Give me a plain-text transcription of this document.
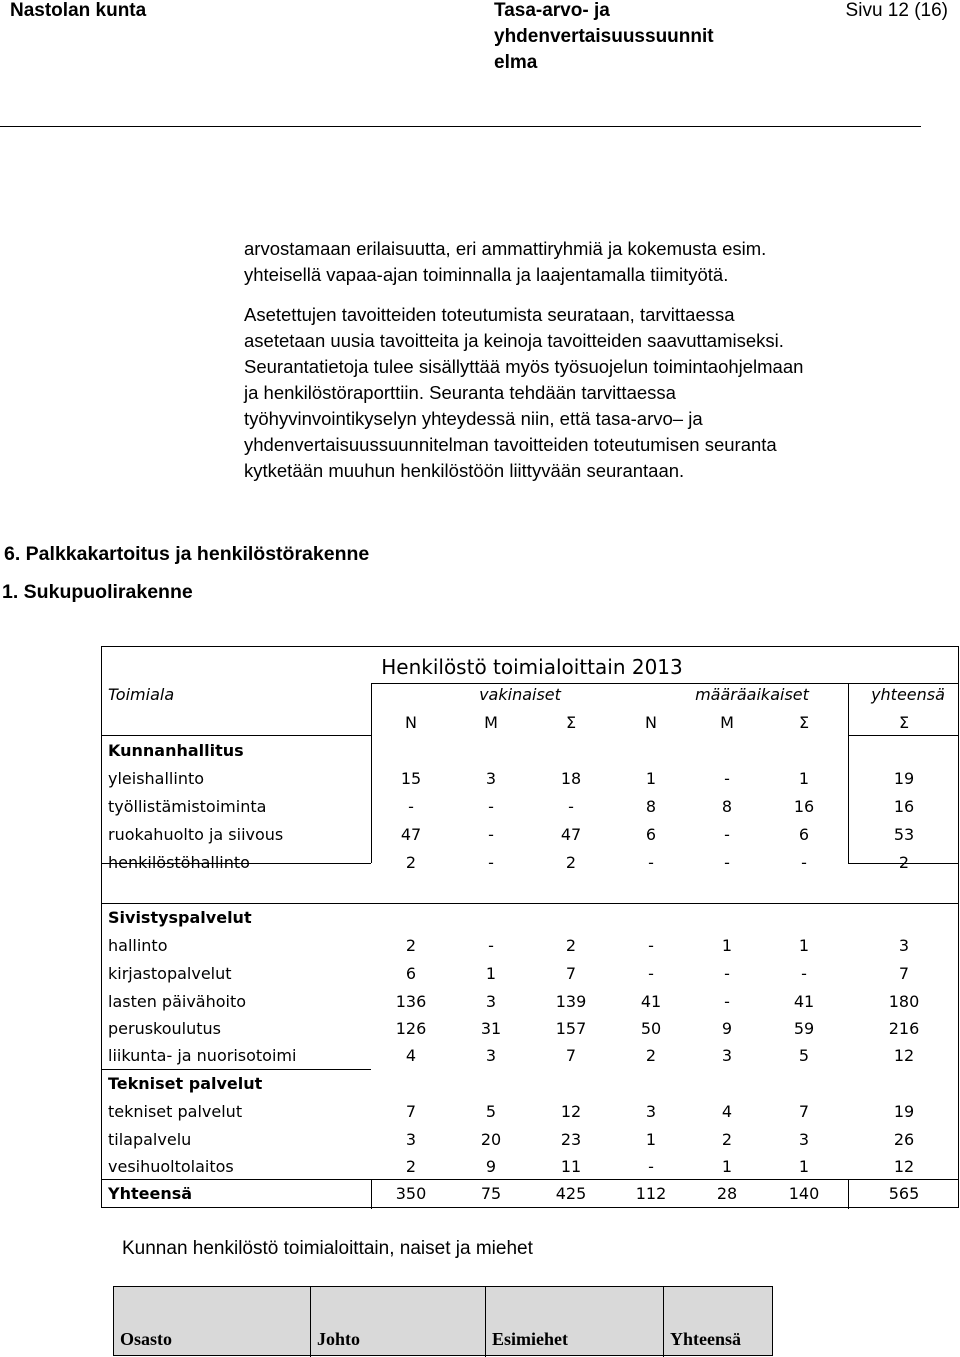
Nastolan kunta	Tasa-arvo- ja
yhdenvertaisuussuunnit
elma
Sivu 12 (16)
arvostamaan erilaisuutta, eri ammattiryhmiä ja kokemusta esim.
yhteisellä vapaa-ajan toiminnalla ja laajentamalla tiimityötä.
Asetettujen tavoitteiden toteutumista seurataan, tarvittaessa
asetetaan uusia tavoitteita ja keinoja tavoitteiden saavuttamiseksi.
Seurantatietoja tulee sisällyttää myös työsuojelun toimintaohjelmaan
ja henkilöstöraporttiin. Seuranta tehdään tarvittaessa
työhyvinvointikyselyn yhteydessä niin, että tasa-arvo– ja
yhdenvertaisuussuunnitelman tavoitteiden toteutumisen seuranta
kytketään muuhun henkilöstöön liittyvään seurantaan.
6. Palkkakartoitus ja henkilöstörakenne
1. Sukupuolirakenne
Henkilöstö toimialoittain 2013
Toimiala	vakinaiset	määräaikaiset	yhteensä
N	M	Σ	N	M	Σ	Σ
Kunnanhallitus
yleishallinto	15	3	18	1	-	1	19
työllistämistoiminta	-	-	-	8	8	16	16
ruokahuolto ja siivous	47	-	47	6	-	6	53
henkilöstöhallinto	2	-	2	-	-	-	2
Sivistyspalvelut
hallinto	2	-	2	-	1	1	3
kirjastopalvelut	6	1	7	-	-	-	7
lasten päivähoito	136	3	139	41	-	41	180
peruskoulutus	126	31	157	50	9	59	216
liikunta- ja nuorisotoimi	4	3	7	2	3	5	12
Tekniset palvelut
tekniset palvelut	7	5	12	3	4	7	19
tilapalvelu	3	20	23	1	2	3	26
vesihuoltolaitos	2	9	11	-	1	1	12
Yhteensä	350	75	425	112	28	140	565
Kunnan henkilöstö toimialoittain, naiset ja miehet
Osasto	Johto	Esimiehet	Yhteensä
